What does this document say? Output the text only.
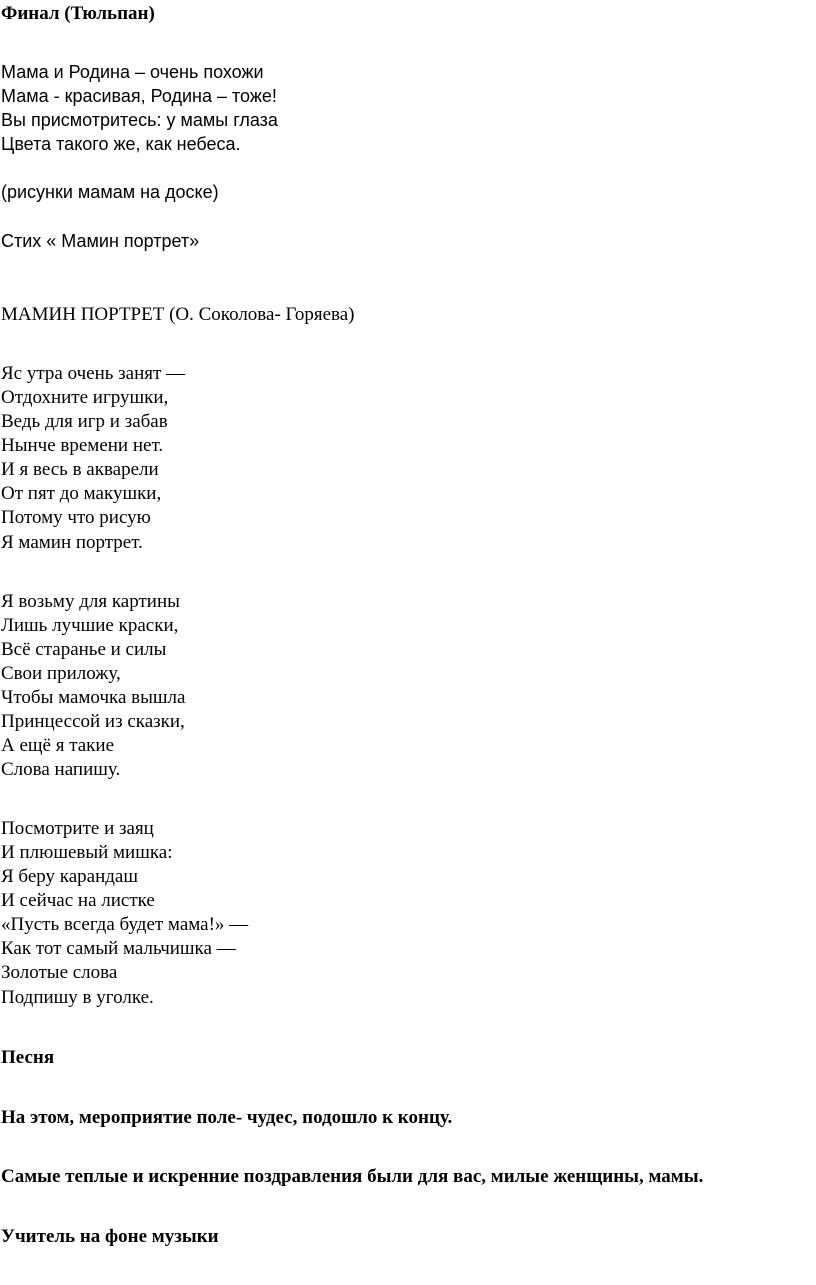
Финал (Тюльпан)
Мама и Родина – очень похожи
Мама - красивая, Родина – тоже!
Вы присмотритесь: у мамы глаза
Цвета такого же, как небеса.
(рисунки мамам на доске)
Стих « Мамин портрет»
МАМИН ПОРТРЕТ (О. Соколова- Горяева)
Яс утра очень занят —
Отдохните игрушки,
Ведь для игр и забав
Нынче времени нет.
И я весь в акварели
От пят до макушки,
Потому что рисую
Я мамин портрет.
Я возьму для картины
Лишь лучшие краски,
Всё старанье и силы
Свои приложу,
Чтобы мамочка вышла
Принцессой из сказки,
А ещё я такие
Слова напишу.
Посмотрите и заяц
И плюшевый мишка:
Я беру карандаш
И сейчас на листке
«Пусть всегда будет мама!» —
Как тот самый мальчишка —
Золотые слова
Подпишу в уголке.
Песня
На этом, мероприятие поле- чудес, подошло к концу.
Самые теплые и искренние поздравления были для вас, милые женщины, мамы.
Учитель на фоне музыки
